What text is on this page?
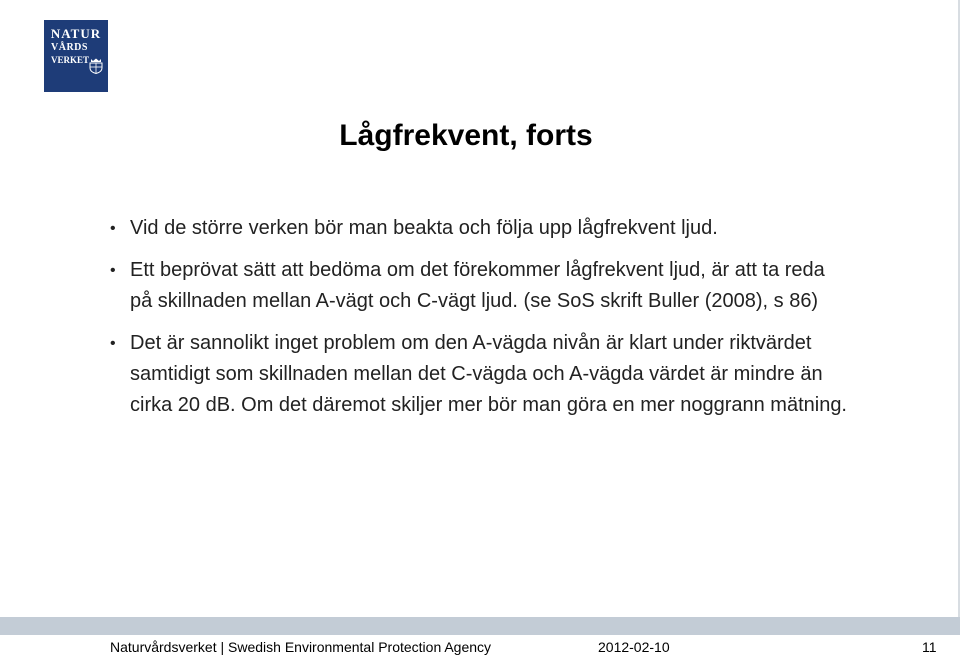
NATUR
VÅRDS
VERKET
Lågfrekvent, forts
• Vid de större verken bör man beakta och följa upp lågfrekvent ljud.
• Ett beprövat sätt att bedöma om det förekommer lågfrekvent ljud, är att ta reda på skillnaden mellan A-vägt och C-vägt ljud. (se SoS skrift Buller (2008), s 86)
• Det är sannolikt inget problem om den A-vägda nivån är klart under riktvärdet samtidigt som skillnaden mellan det C-vägda och A-vägda värdet är mindre än cirka 20 dB. Om det däremot skiljer mer bör man göra en mer noggrann mätning.
Naturvårdsverket | Swedish Environmental Protection Agency	2012-02-10	11
